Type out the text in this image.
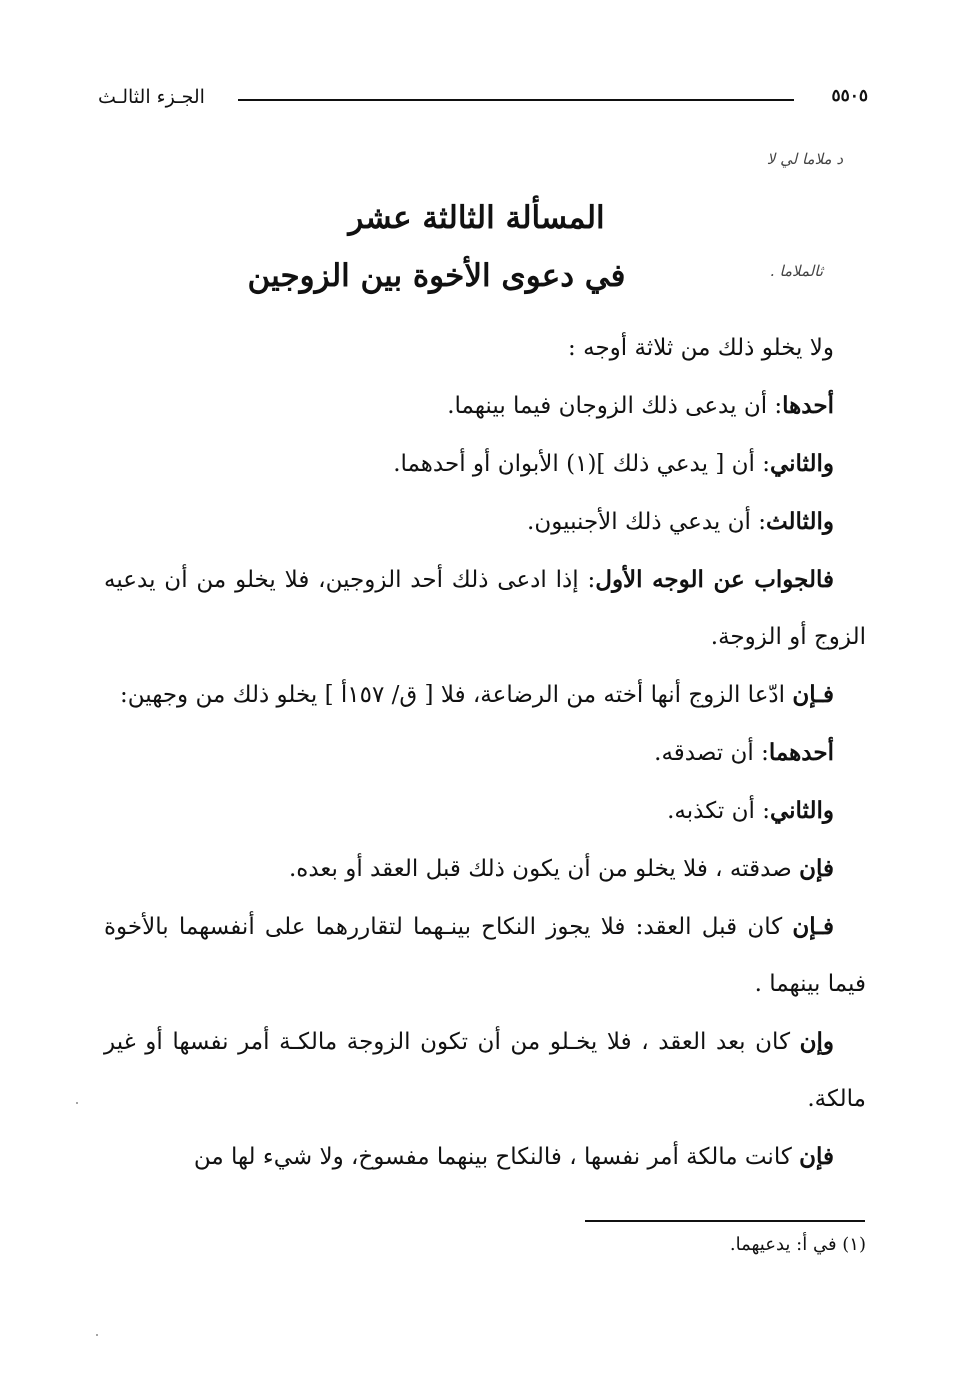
الجـزء الثالـث	٥٥٠٥
د ملاما لي لا
المسألة الثالثة عشر
في دعوى الأخوة بين الزوجين	. ثالملاما

ولا يخلو ذلك من ثلاثة أوجه :

أحدها: أن يدعى ذلك الزوجان فيما بينهما.

والثاني: أن [ يدعي ذلك ](١) الأبوان أو أحدهما.

والثالث: أن يدعي ذلك الأجنبيون.

فالجواب عن الوجه الأول: إذا ادعى ذلك أحد الزوجين، فلا يخلو من أن يدعيه الزوج أو الزوجة.

فـإن ادّعا الزوج أنها أخته من الرضاعة، فلا [ ق/ ١٥٧أ ] يخلو ذلك من وجهين:

أحدهما: أن تصدقه.

والثاني: أن تكذبه.

فإن صدقته ، فلا يخلو من أن يكون ذلك قبل العقد أو بعده.

فـإن كان قبل العقد: فلا يجوز النكاح بينـهما لتقاررهما على أنفسهما بالأخوة فيما بينهما .

وإن كان بعد العقد ، فلا يخـلو من أن تكون الزوجة مالكـة أمر نفسها أو غير مالكة.

فإن كانت مالكة أمر نفسها ، فالنكاح بينهما مفسوخ، ولا شيء لها من

(١) في أ: يدعيهما.
